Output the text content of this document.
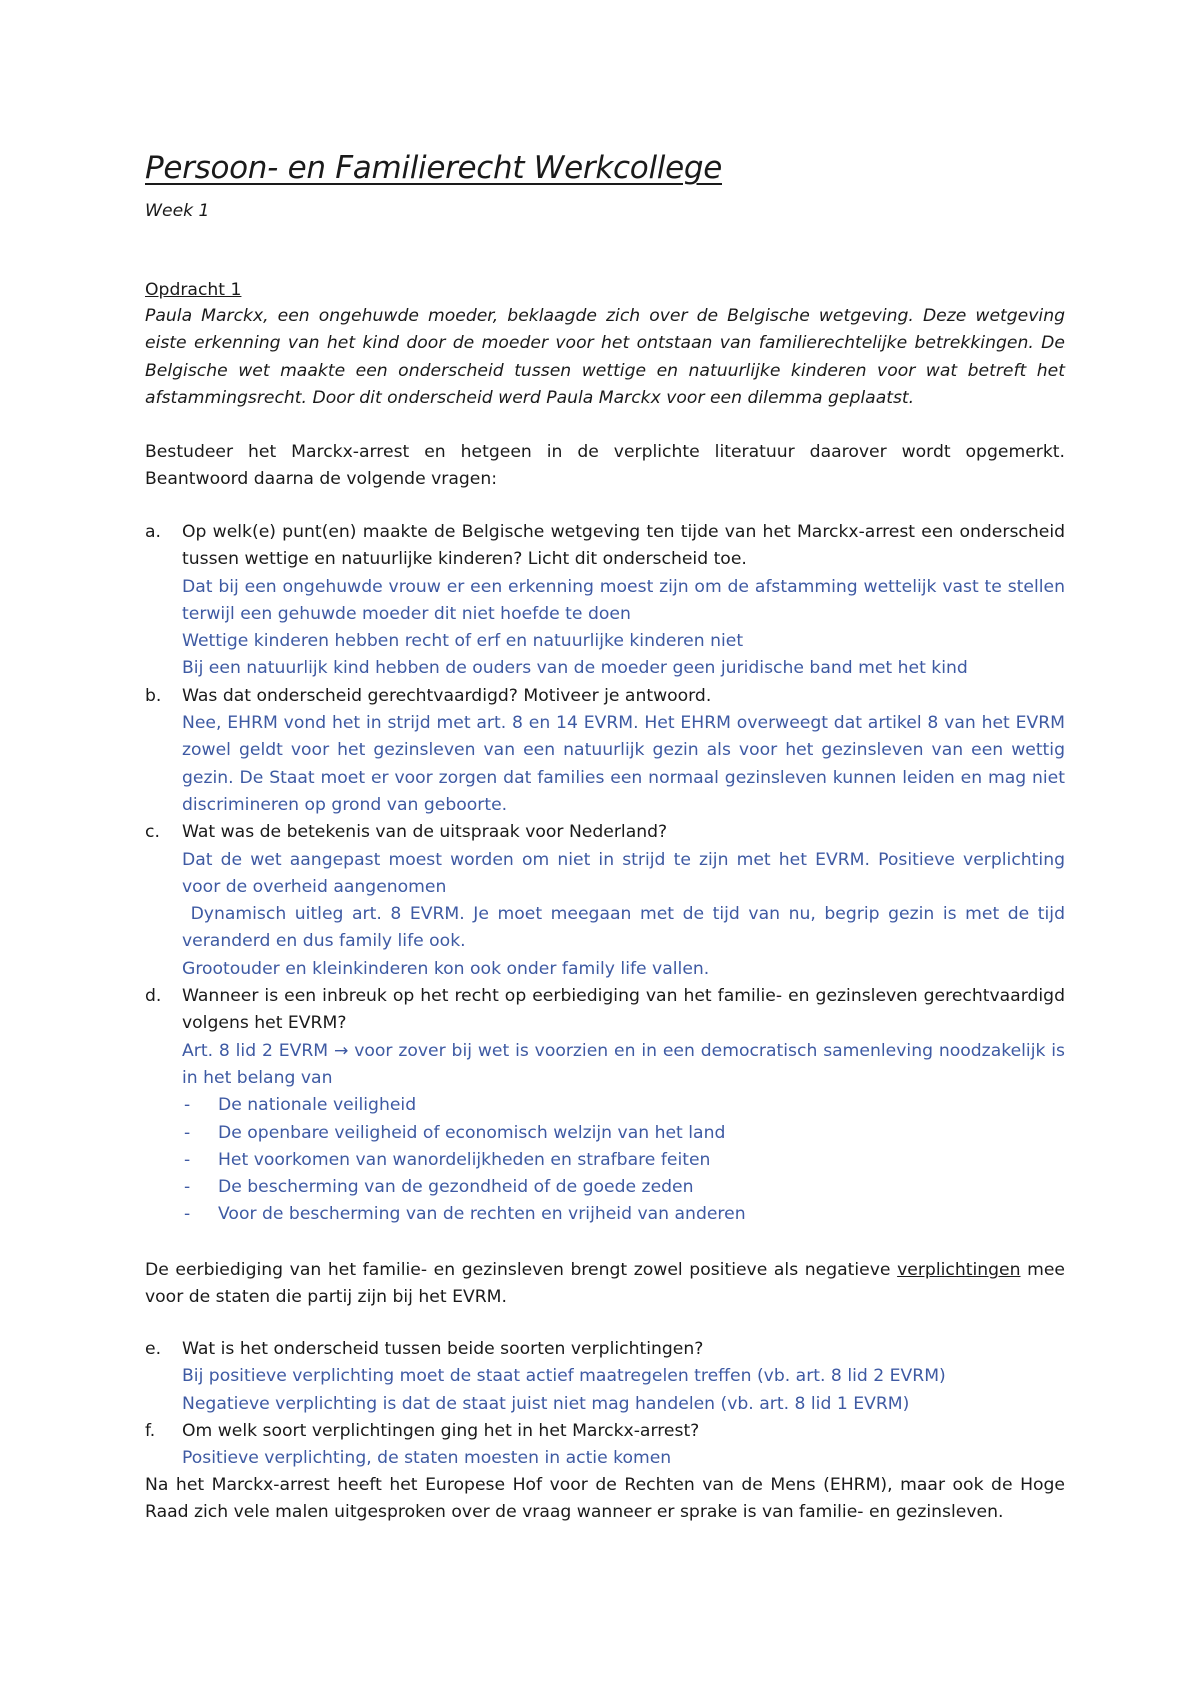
Persoon- en Familierecht Werkcollege
Week 1
Opdracht 1
Paula Marckx, een ongehuwde moeder, beklaagde zich over de Belgische wetgeving. Deze wetgeving eiste erkenning van het kind door de moeder voor het ontstaan van familierechtelijke betrekkingen. De Belgische wet maakte een onderscheid tussen wettige en natuurlijke kinderen voor wat betreft het afstammingsrecht. Door dit onderscheid werd Paula Marckx voor een dilemma geplaatst.
Bestudeer het Marckx-arrest en hetgeen in de verplichte literatuur daarover wordt opgemerkt. Beantwoord daarna de volgende vragen:
a. Op welk(e) punt(en) maakte de Belgische wetgeving ten tijde van het Marckx-arrest een onderscheid tussen wettige en natuurlijke kinderen? Licht dit onderscheid toe.
Dat bij een ongehuwde vrouw er een erkenning moest zijn om de afstamming wettelijk vast te stellen terwijl een gehuwde moeder dit niet hoefde te doen
Wettige kinderen hebben recht of erf en natuurlijke kinderen niet
Bij een natuurlijk kind hebben de ouders van de moeder geen juridische band met het kind
b. Was dat onderscheid gerechtvaardigd? Motiveer je antwoord.
Nee, EHRM vond het in strijd met art. 8 en 14 EVRM. Het EHRM overweegt dat artikel 8 van het EVRM zowel geldt voor het gezinsleven van een natuurlijk gezin als voor het gezinsleven van een wettig gezin. De Staat moet er voor zorgen dat families een normaal gezinsleven kunnen leiden en mag niet discrimineren op grond van geboorte.
c. Wat was de betekenis van de uitspraak voor Nederland?
Dat de wet aangepast moest worden om niet in strijd te zijn met het EVRM. Positieve verplichting voor de overheid aangenomen
Dynamisch uitleg art. 8 EVRM. Je moet meegaan met de tijd van nu, begrip gezin is met de tijd veranderd en dus family life ook.
Grootouder en kleinkinderen kon ook onder family life vallen.
d. Wanneer is een inbreuk op het recht op eerbiediging van het familie- en gezinsleven gerechtvaardigd volgens het EVRM?
Art. 8 lid 2 EVRM → voor zover bij wet is voorzien en in een democratisch samenleving noodzakelijk is in het belang van
- De nationale veiligheid
- De openbare veiligheid of economisch welzijn van het land
- Het voorkomen van wanordelijkheden en strafbare feiten
- De bescherming van de gezondheid of de goede zeden
- Voor de bescherming van de rechten en vrijheid van anderen
De eerbiediging van het familie- en gezinsleven brengt zowel positieve als negatieve verplichtingen mee voor de staten die partij zijn bij het EVRM.
e. Wat is het onderscheid tussen beide soorten verplichtingen?
Bij positieve verplichting moet de staat actief maatregelen treffen (vb. art. 8 lid 2 EVRM)
Negatieve verplichting is dat de staat juist niet mag handelen (vb. art. 8 lid 1 EVRM)
f. Om welk soort verplichtingen ging het in het Marckx-arrest?
Positieve verplichting, de staten moesten in actie komen
Na het Marckx-arrest heeft het Europese Hof voor de Rechten van de Mens (EHRM), maar ook de Hoge Raad zich vele malen uitgesproken over de vraag wanneer er sprake is van familie- en gezinsleven.
